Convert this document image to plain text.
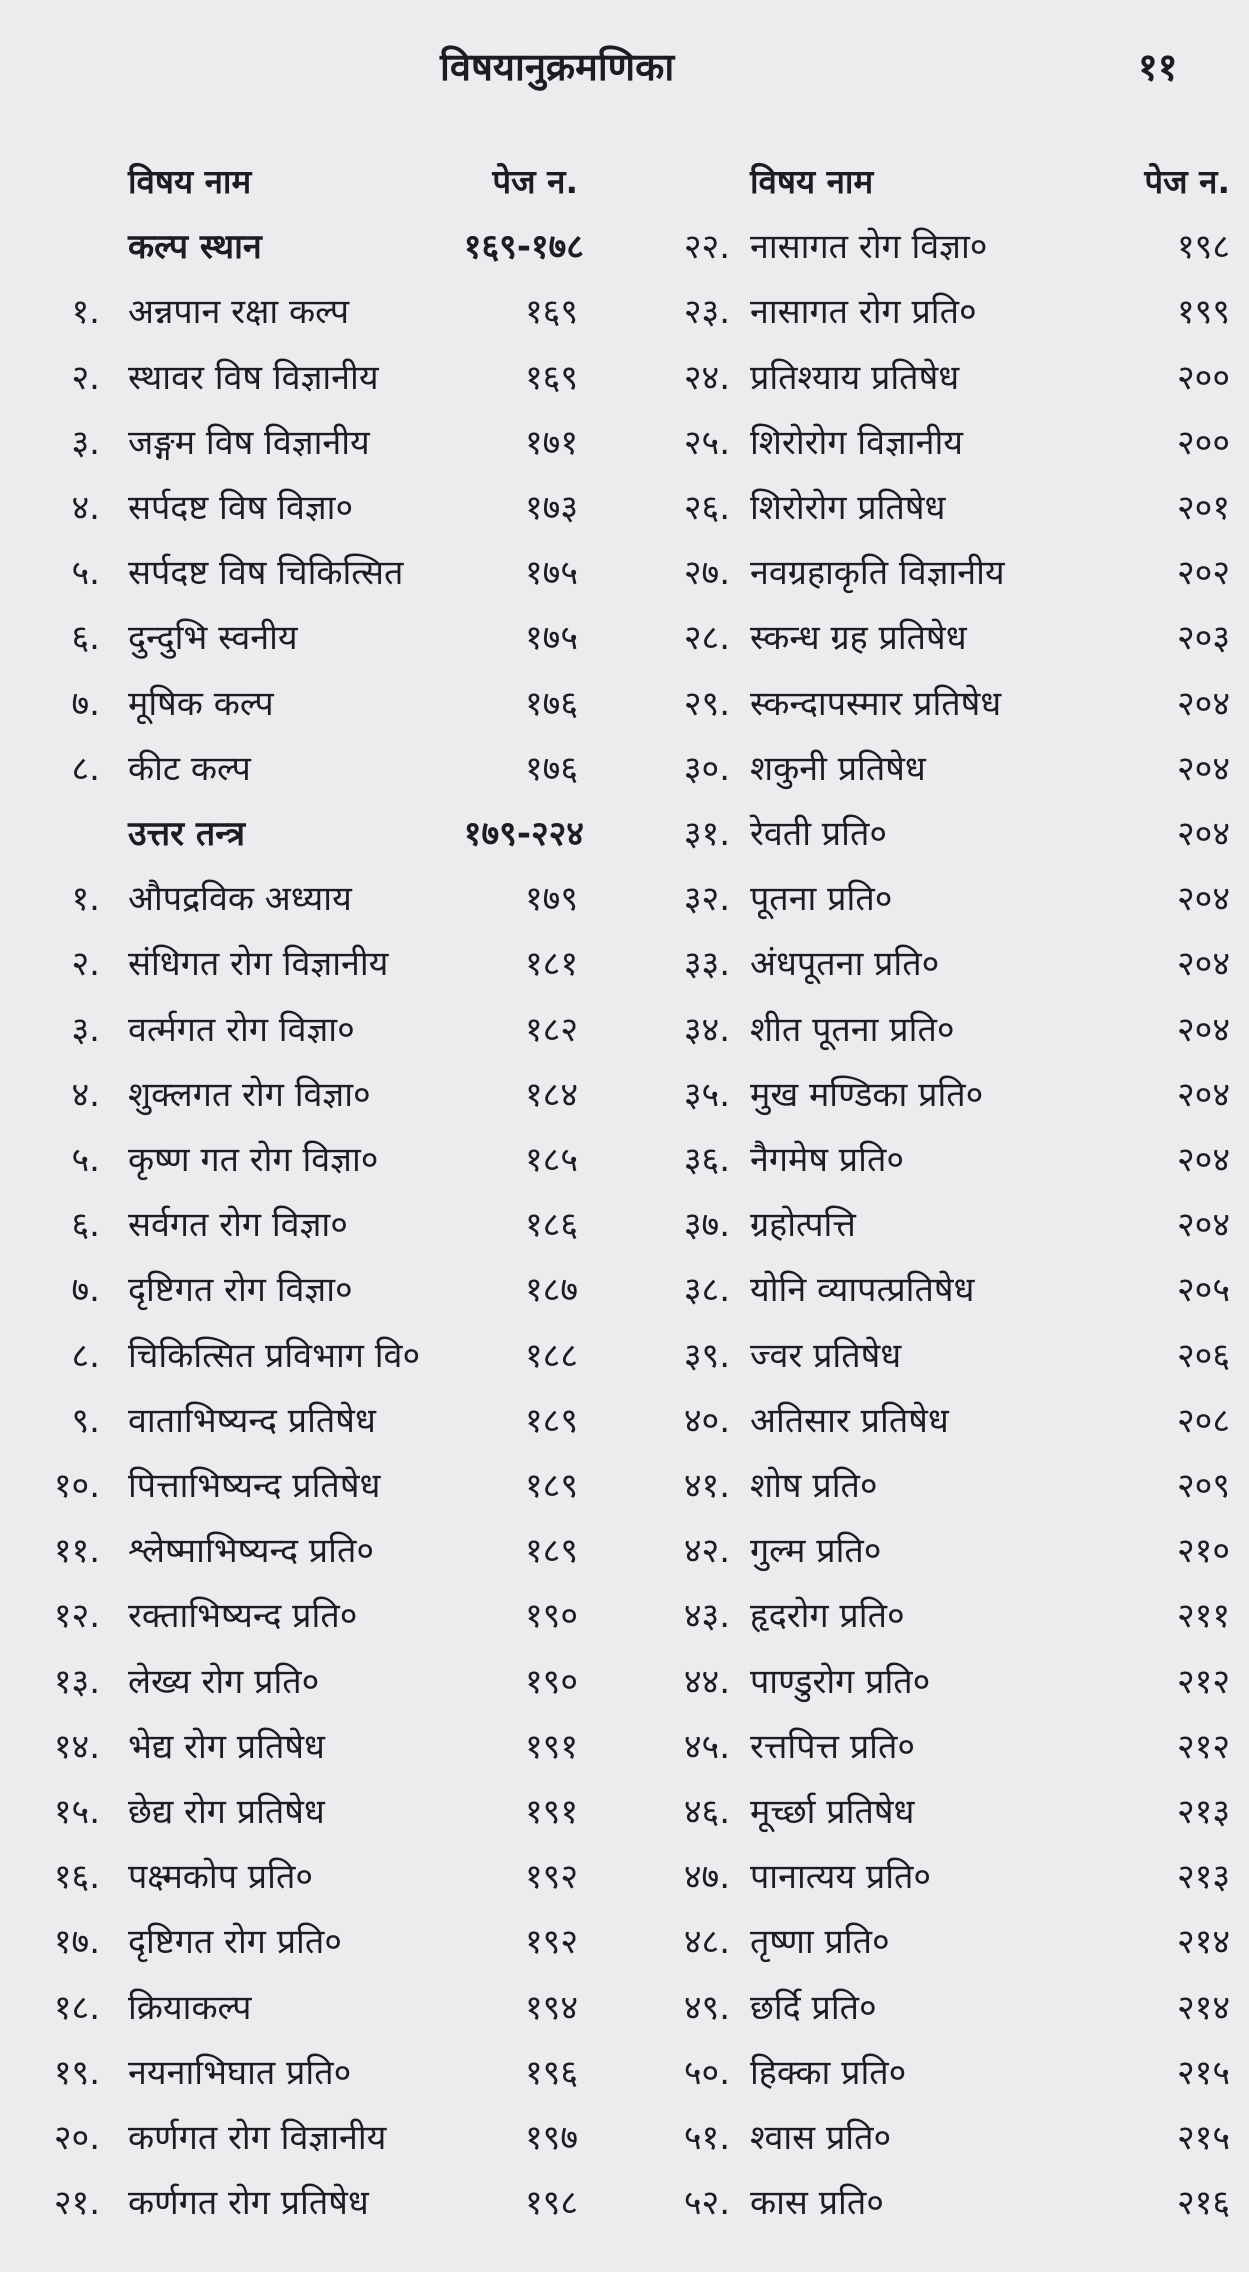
विषयानुक्रमणिका	११
विषय नाम	पेज न.
कल्प स्थान	१६९-१७८
१. अन्नपान रक्षा कल्प	१६९
२. स्थावर विष विज्ञानीय	१६९
३. जङ्गम विष विज्ञानीय	१७१
४. सर्पदष्ट विष विज्ञा०	१७३
५. सर्पदष्ट विष चिकित्सित	१७५
६. दुन्दुभि स्वनीय	१७५
७. मूषिक कल्प	१७६
८. कीट कल्प	१७६
उत्तर तन्त्र	१७९-२२४
१. औपद्रविक अध्याय	१७९
२. संधिगत रोग विज्ञानीय	१८१
३. वर्त्मगत रोग विज्ञा०	१८२
४. शुक्लगत रोग विज्ञा०	१८४
५. कृष्ण गत रोग विज्ञा०	१८५
६. सर्वगत रोग विज्ञा०	१८६
७. दृष्टिगत रोग विज्ञा०	१८७
८. चिकित्सित प्रविभाग वि०	१८८
९. वाताभिष्यन्द प्रतिषेध	१८९
१०. पित्ताभिष्यन्द प्रतिषेध	१८९
११. श्लेष्माभिष्यन्द प्रति०	१८९
१२. रक्ताभिष्यन्द प्रति०	१९०
१३. लेख्य रोग प्रति०	१९०
१४. भेद्य रोग प्रतिषेध	१९१
१५. छेद्य रोग प्रतिषेध	१९१
१६. पक्ष्मकोप प्रति०	१९२
१७. दृष्टिगत रोग प्रति०	१९२
१८. क्रियाकल्प	१९४
१९. नयनाभिघात प्रति०	१९६
२०. कर्णगत रोग विज्ञानीय	१९७
२१. कर्णगत रोग प्रतिषेध	१९८
विषय नाम	पेज न.
२२. नासागत रोग विज्ञा०	१९८
२३. नासागत रोग प्रति०	१९९
२४. प्रतिश्याय प्रतिषेध	२००
२५. शिरोरोग विज्ञानीय	२००
२६. शिरोरोग प्रतिषेध	२०१
२७. नवग्रहाकृति विज्ञानीय	२०२
२८. स्कन्ध ग्रह प्रतिषेध	२०३
२९. स्कन्दापस्मार प्रतिषेध	२०४
३०. शकुनी प्रतिषेध	२०४
३१. रेवती प्रति०	२०४
३२. पूतना प्रति०	२०४
३३. अंधपूतना प्रति०	२०४
३४. शीत पूतना प्रति०	२०४
३५. मुख मण्डिका प्रति०	२०४
३६. नैगमेष प्रति०	२०४
३७. ग्रहोत्पत्ति	२०४
३८. योनि व्यापत्प्रतिषेध	२०५
३९. ज्वर प्रतिषेध	२०६
४०. अतिसार प्रतिषेध	२०८
४१. शोष प्रति०	२०९
४२. गुल्म प्रति०	२१०
४३. हृदरोग प्रति०	२११
४४. पाण्डुरोग प्रति०	२१२
४५. रत्तपित्त प्रति०	२१२
४६. मूर्च्छा प्रतिषेध	२१३
४७. पानात्यय प्रति०	२१३
४८. तृष्णा प्रति०	२१४
४९. छर्दि प्रति०	२१४
५०. हिक्का प्रति०	२१५
५१. श्वास प्रति०	२१५
५२. कास प्रति०	२१६
